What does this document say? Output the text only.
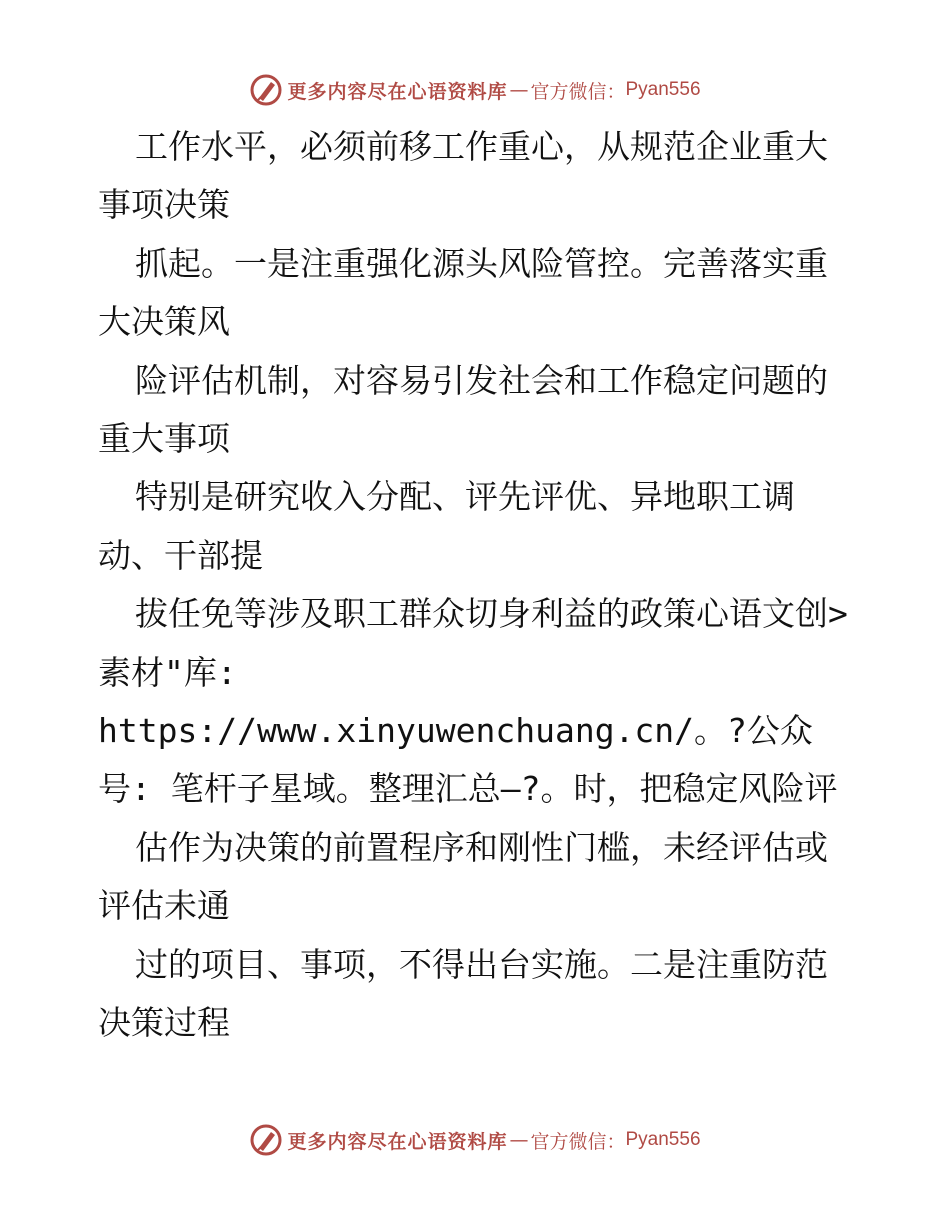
更多内容尽在心语资料库 — 官方微信： Pyan556

工作水平，必须前移工作重心，从规范企业重大事项决策

抓起。一是注重强化源头风险管控。完善落实重大决策风

险评估机制，对容易引发社会和工作稳定问题的重大事项

特别是研究收入分配、评先评优、异地职工调动、干部提

拔任免等涉及职工群众切身利益的政策心语文创>素材"库: https://www.xinyuwenchuang.cn/。?公众号: 笔杆子星域。整理汇总—?。时，把稳定风险评

估作为决策的前置程序和刚性门槛，未经评估或评估未通

过的项目、事项，不得出台实施。二是注重防范决策过程

更多内容尽在心语资料库 — 官方微信： Pyan556
